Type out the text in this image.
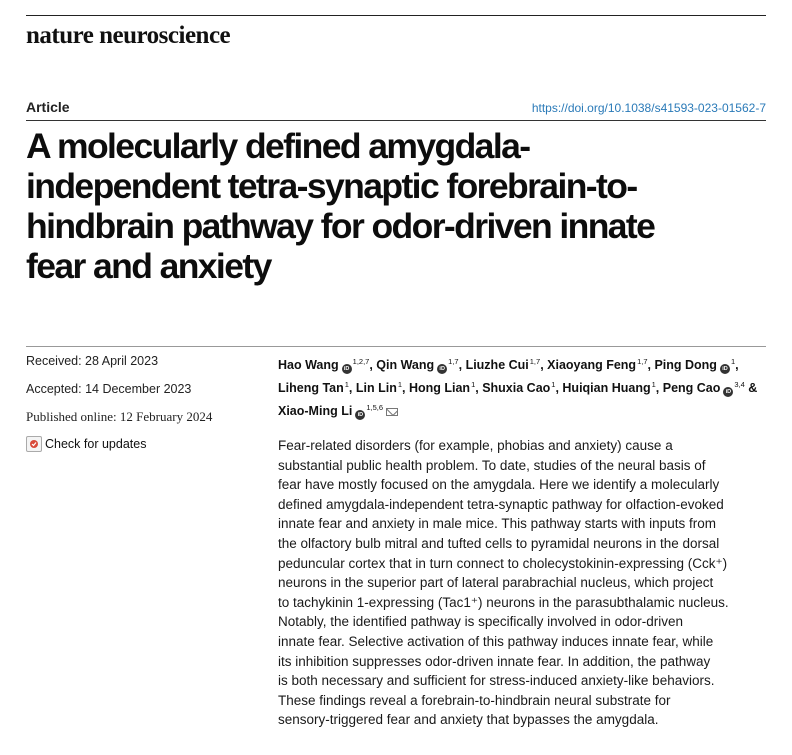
nature neuroscience
Article	https://doi.org/10.1038/s41593-023-01562-7
A molecularly defined amygdala-
independent tetra-synaptic forebrain-to-
hindbrain pathway for odor-driven innate
fear and anxiety
Received: 28 April 2023
Accepted: 14 December 2023
Published online: 12 February 2024
Check for updates
Hao Wang iD$^{1,2,7}$, Qin Wang iD$^{1,7}$, Liuzhe Cui$^{1,7}$, Xiaoyang Feng$^{1,7}$, Ping Dong $iD^1$,
Liheng Tan$^1$, Lin Lin$^1$, Hong Lian$^1$, Shuxia Cao$^1$, Huiqian Huang$^1$, Peng Cao iD$^{3,4}$ &
Xiao-Ming Li iD$^{1,5,6}$
Fear-related disorders (for example, phobias and anxiety) cause a
substantial public health problem. To date, studies of the neural basis of
fear have mostly focused on the amygdala. Here we identify a molecularly
defined amygdala-independent tetra-synaptic pathway for olfaction-evoked
innate fear and anxiety in male mice. This pathway starts with inputs from
the olfactory bulb mitral and tufted cells to pyramidal neurons in the dorsal
peduncular cortex that in turn connect to cholecystokinin-expressing (Cck⁺)
neurons in the superior part of lateral parabrachial nucleus, which project
to tachykinin 1-expressing (Tac1⁺) neurons in the parasubthalamic nucleus.
Notably, the identified pathway is specifically involved in odor-driven
innate fear. Selective activation of this pathway induces innate fear, while
its inhibition suppresses odor-driven innate fear. In addition, the pathway
is both necessary and sufficient for stress-induced anxiety-like behaviors.
These findings reveal a forebrain-to-hindbrain neural substrate for
sensory-triggered fear and anxiety that bypasses the amygdala.
